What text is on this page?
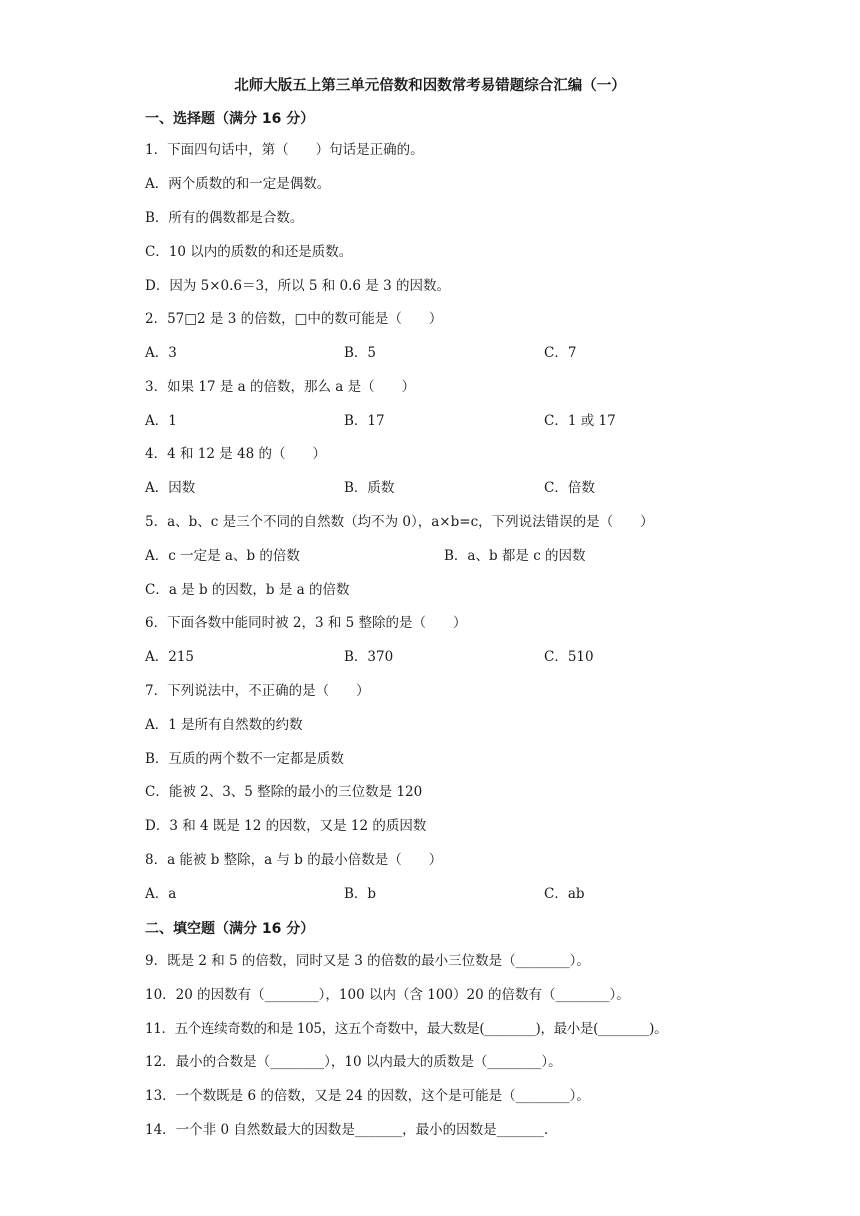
北师大版五上第三单元倍数和因数常考易错题综合汇编（一）
一、选择题（满分 16 分）
1．下面四句话中，第（　　）句话是正确的。
A．两个质数的和一定是偶数。
B．所有的偶数都是合数。
C．10 以内的质数的和还是质数。
D．因为 5×0.6＝3，所以 5 和 0.6 是 3 的因数。
2．57□2 是 3 的倍数，□中的数可能是（　　）
A．3	B．5	C．7
3．如果 17 是 a 的倍数，那么 a 是（　　）
A．1	B．17	C．1 或 17
4．4 和 12 是 48 的（　　）
A．因数	B．质数	C．倍数
5．a、b、c 是三个不同的自然数（均不为 0），a×b=c，下列说法错误的是（　　）
A．c 一定是 a、b 的倍数	B．a、b 都是 c 的因数
C．a 是 b 的因数，b 是 a 的倍数
6．下面各数中能同时被 2，3 和 5 整除的是（　　）
A．215	B．370	C．510
7．下列说法中，不正确的是（　　）
A．1 是所有自然数的约数
B．互质的两个数不一定都是质数
C．能被 2、3、5 整除的最小的三位数是 120
D．3 和 4 既是 12 的因数，又是 12 的质因数
8．a 能被 b 整除，a 与 b 的最小倍数是（　　）
A．a	B．b	C．ab
二、填空题（满分 16 分）
9．既是 2 和 5 的倍数，同时又是 3 的倍数的最小三位数是（________）。
10．20 的因数有（________），100 以内（含 100）20 的倍数有（________）。
11．五个连续奇数的和是 105，这五个奇数中，最大数是(________)，最小是(________)。
12．最小的合数是（________），10 以内最大的质数是（________）。
13．一个数既是 6 的倍数，又是 24 的因数，这个是可能是（________）。
14．一个非 0 自然数最大的因数是_______，最小的因数是_______.
